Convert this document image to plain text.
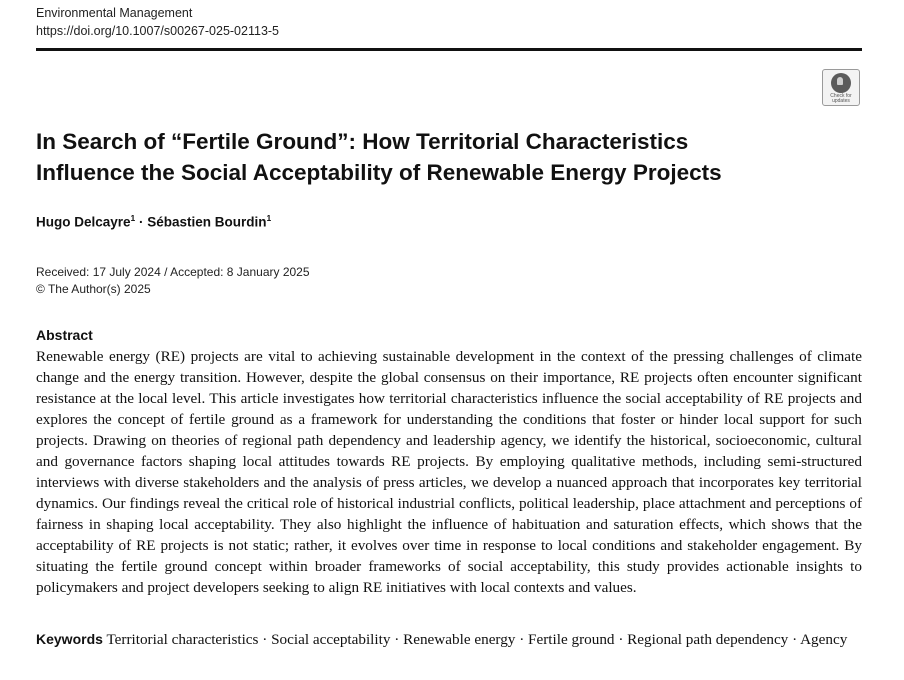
Environmental Management
https://doi.org/10.1007/s00267-025-02113-5
Check for
updates
In Search of “Fertile Ground”: How Territorial Characteristics
Influence the Social Acceptability of Renewable Energy Projects
Hugo Delcayre$^1$ · Sébastien Bourdin$^1$
Received: 17 July 2024 / Accepted: 8 January 2025
© The Author(s) 2025
Abstract

Renewable energy (RE) projects are vital to achieving sustainable development in the context of the pressing challenges of climate change and the energy transition. However, despite the global consensus on their importance, RE projects often encounter significant resistance at the local level. This article investigates how territorial characteristics influence the social acceptability of RE projects and explores the concept of fertile ground as a framework for understanding the conditions that foster or hinder local support for such projects. Drawing on theories of regional path dependency and leadership agency, we identify the historical, socioeconomic, cultural and governance factors shaping local attitudes towards RE projects. By employing qualitative methods, including semi-structured interviews with diverse stakeholders and the analysis of press articles, we develop a nuanced approach that incorporates key territorial dynamics. Our findings reveal the critical role of historical industrial conflicts, political leadership, place attachment and perceptions of fairness in shaping local acceptability. They also highlight the influence of habituation and saturation effects, which shows that the acceptability of RE projects is not static; rather, it evolves over time in response to local conditions and stakeholder engagement. By situating the fertile ground concept within broader frameworks of social acceptability, this study provides actionable insights to policymakers and project developers seeking to align RE initiatives with local contexts and values.

Keywords Territorial characteristics · Social acceptability · Renewable energy · Fertile ground · Regional path dependency · Agency
